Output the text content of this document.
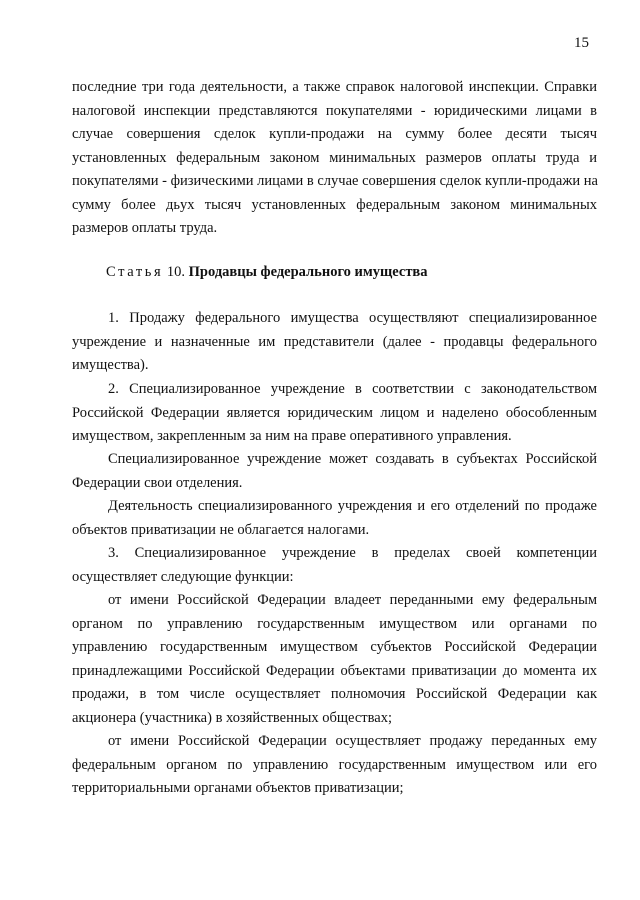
15
последние три года деятельности, а также справок налоговой инспекции. Справки
налоговой инспекции представляются покупателями - юридическими лицами в
случае совершения сделок купли-продажи на сумму более десяти тысяч
установленных федеральным законом минимальных размеров оплаты труда и
покупателями - физическими лицами в случае совершения сделок купли-продажи на
сумму более дьух тысяч установленных федеральным законом минимальных
размеров оплаты труда.
Статья 10. Продавцы федерального имущества
1. Продажу федерального имущества осуществляют специализированное
учреждение и назначенные им представители (далее - продавцы федерального
имущества).
2. Специализированное учреждение в соответствии с законодательством
Российской Федерации является юридическим лицом и наделено обособленным
имуществом, закрепленным за ним на праве оперативного управления.
Специализированное учреждение может создавать в субъектах Российской
Федерации свои отделения.
Деятельность специализированного учреждения и его отделений по продаже
объектов приватизации не облагается налогами.
3. Специализированное учреждение в пределах своей компетенции
осуществляет следующие функции:
от имени Российской Федерации владеет переданными ему федеральным
органом по управлению государственным имуществом или органами по
управлению государственным имуществом субъектов Российской Федерации
принадлежащими Российской Федерации объектами приватизации до момента их
продажи, в том числе осуществляет полномочия Российской Федерации как
акционера (участника) в хозяйственных обществах;
от имени Российской Федерации осуществляет продажу переданных ему
федеральным органом по управлению государственным имуществом или его
территориальными органами объектов приватизации;
